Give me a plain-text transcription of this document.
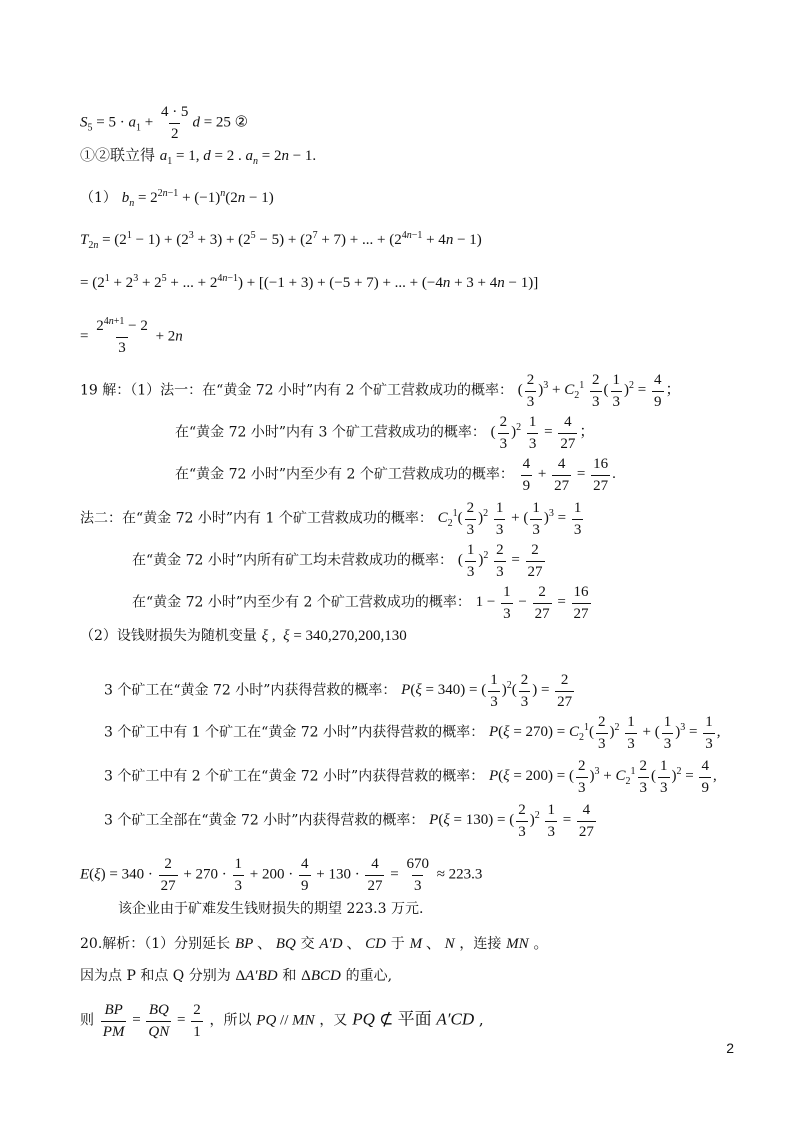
$S_5 = 5 \cdot a_1 + \frac{4 \cdot 5}{2}$ d = 25 ②
①②联立得 $a_1 = 1$, d = 2 . $a_n = 2n - 1$.
（1） $b_n = 2^{2n-1} + (-1)^n(2n - 1)$
$T_{2n} = (2^1 - 1) + (2^3 + 3) + (2^5 - 5) + (2^7 + 7)$ + ... + $(2^{4n-1} + 4n - 1)$
= ($2^1 + 2^3 + 2^5$ + ... + $2^{4n-1}) + [(-1 + 3) + (-5 + 7)$ + ... + (−4n + 3 + 4n − 1)]
= $\frac{2^{4n+1} - 2}{3} + 2n$
19 解：（1）法一：在“黄金 72 小时”内有 2 个矿工营救成功的概率： ( $\frac{2}{3} )^3 + C_2^1 \frac{2}{3}$ ( $\frac{1}{3} )^2 = \frac{4}{9}$ ；
在“黄金 72 小时”内有 3 个矿工营救成功的概率： ( $\frac{2}{3} )^2 \frac{1}{3} = \frac{4}{27}$ ；
在“黄金 72 小时”内至少有 2 个矿工营救成功的概率： $\frac{4}{9} + \frac{4}{27} = \frac{16}{27}$ .
法二：在“黄金 72 小时”内有 1 个矿工营救成功的概率： $C_2^1( \frac{2}{3} )^2 \frac{1}{3}$ + ( $\frac{1}{3} )^3 = \frac{1}{3}$
在“黄金 72 小时”内所有矿工均未营救成功的概率： ( $\frac{1}{3} )^2 \frac{2}{3} = \frac{2}{27}$
在“黄金 72 小时”内至少有 2 个矿工营救成功的概率： $1 - \frac{1}{3} - \frac{2}{27} = \frac{16}{27}$
（2）设钱财损失为随机变量 ξ ,  ξ = 340,270,200,130
3 个矿工在“黄金 72 小时”内获得营救的概率： P(ξ = 340) = ( $\frac{1}{3} )^2( \frac{2}{3}$ ) = $\frac{2}{27}$
3 个矿工中有 1 个矿工在“黄金 72 小时”内获得营救的概率： $P(\xi = 270) = C_2^1( \frac{2}{3} )^2 \frac{1}{3}$ + ( $\frac{1}{3} )^3 = \frac{1}{3}$ ,
3 个矿工中有 2 个矿工在“黄金 72 小时”内获得营救的概率： P(ξ = 200) = ( $\frac{2}{3} )^3 + C_2^1 \frac{2}{3}$ ( $\frac{1}{3} )^2 = \frac{4}{9}$ ,
3 个矿工全部在“黄金 72 小时”内获得营救的概率： P(ξ = 130) = ( $\frac{2}{3} )^2 \frac{1}{3} = \frac{4}{27}$
$E(\xi) = 340 \cdot \frac{2}{27} + 270 \cdot \frac{1}{3} + 200 \cdot \frac{4}{9} + 130 \cdot \frac{4}{27} = \frac{670}{3} \approx 223.3$
该企业由于矿难发生钱财损失的期望 223.3 万元.
20.解析：（1）分别延长 BP 、 BQ 交 A′D 、 CD 于 M 、 N ，连接 MN 。
因为点 P 和点 Q 分别为 ΔA′BD 和 ΔBCD 的重心,
则 $\frac{BP}{PM} = \frac{BQ}{QN} = \frac{2}{1}$ ，所以 PQ // MN ，又 PQ ⊄ 平面 A′CD ,
2
